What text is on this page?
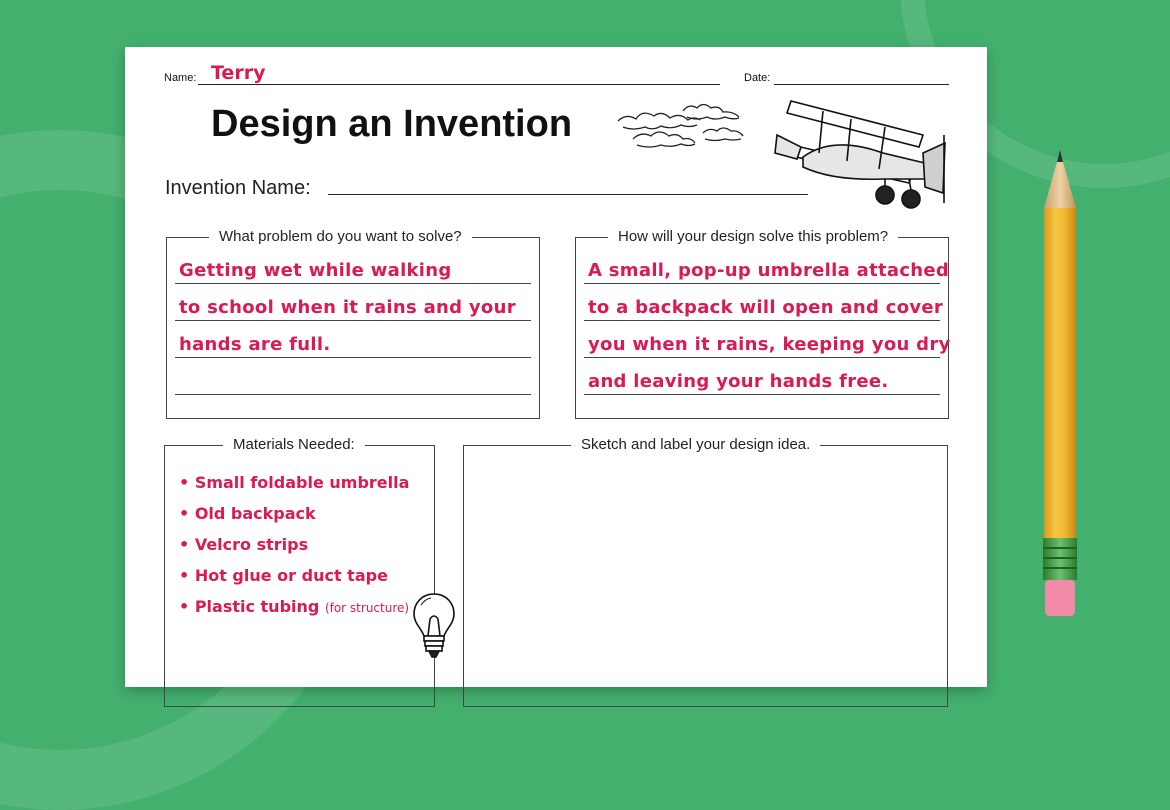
Name: Terry	Date:
Design an Invention
Invention Name:
What problem do you want to solve?
Getting wet while walking
to school when it rains and your
hands are full.
How will your design solve this problem?
A small, pop-up umbrella attached
to a backpack will open and cover
you when it rains, keeping you dry
and leaving your hands free.
Materials Needed:
• Small foldable umbrella
• Old backpack
• Velcro strips
• Hot glue or duct tape
• Plastic tubing (for structure)
Sketch and label your design idea.
